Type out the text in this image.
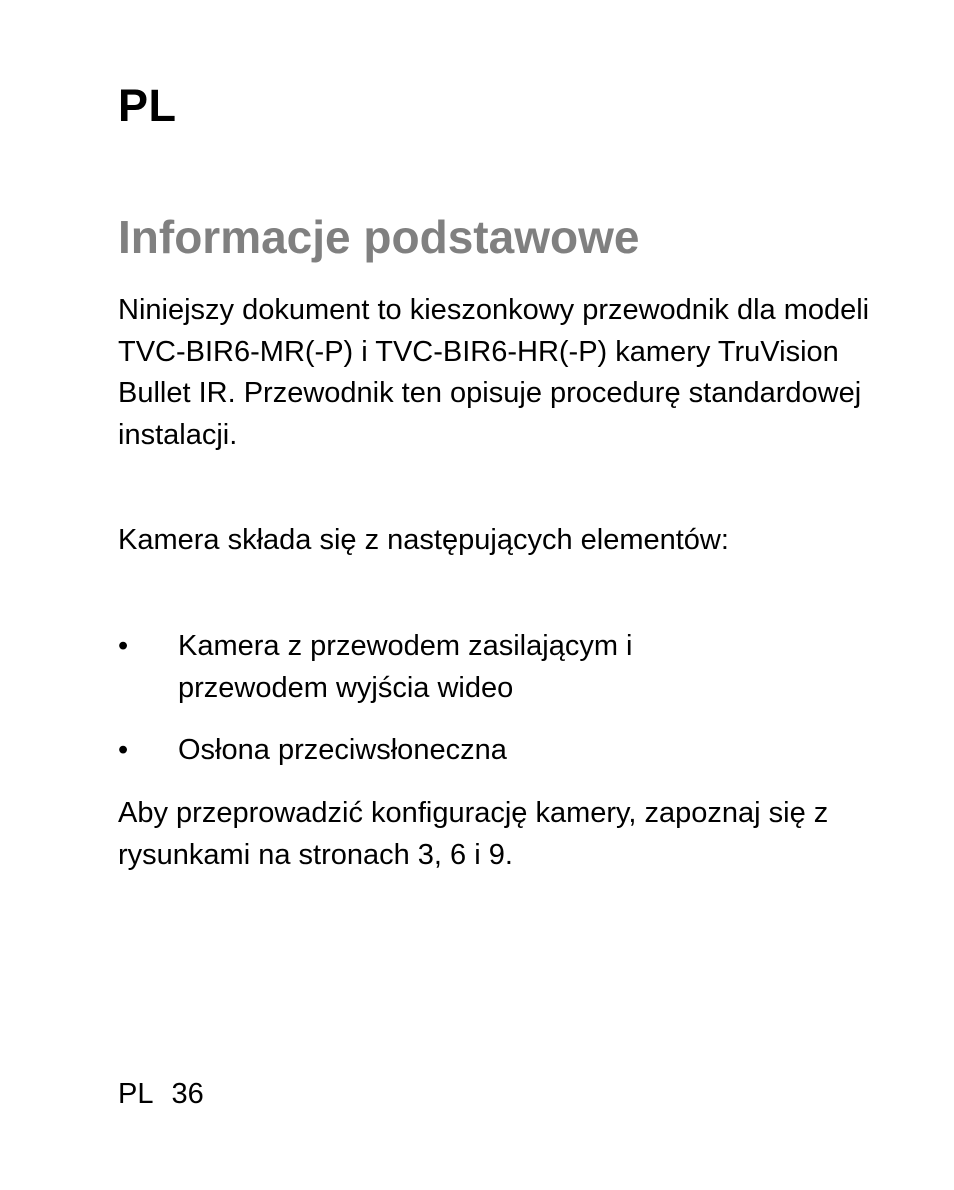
PL
Informacje podstawowe

Niniejszy dokument to kieszonkowy przewodnik dla modeli TVC-BIR6-MR(-P) i TVC-BIR6-HR(-P) kamery TruVision Bullet IR. Przewodnik ten opisuje procedurę standardowej instalacji.

Kamera składa się z następujących elementów:

•	Kamera z przewodem zasilającym i przewodem wyjścia wideo
•	Osłona przeciwsłoneczna

Aby przeprowadzić konfigurację kamery, zapoznaj się z rysunkami na stronach 3, 6 i 9.

PL 36
